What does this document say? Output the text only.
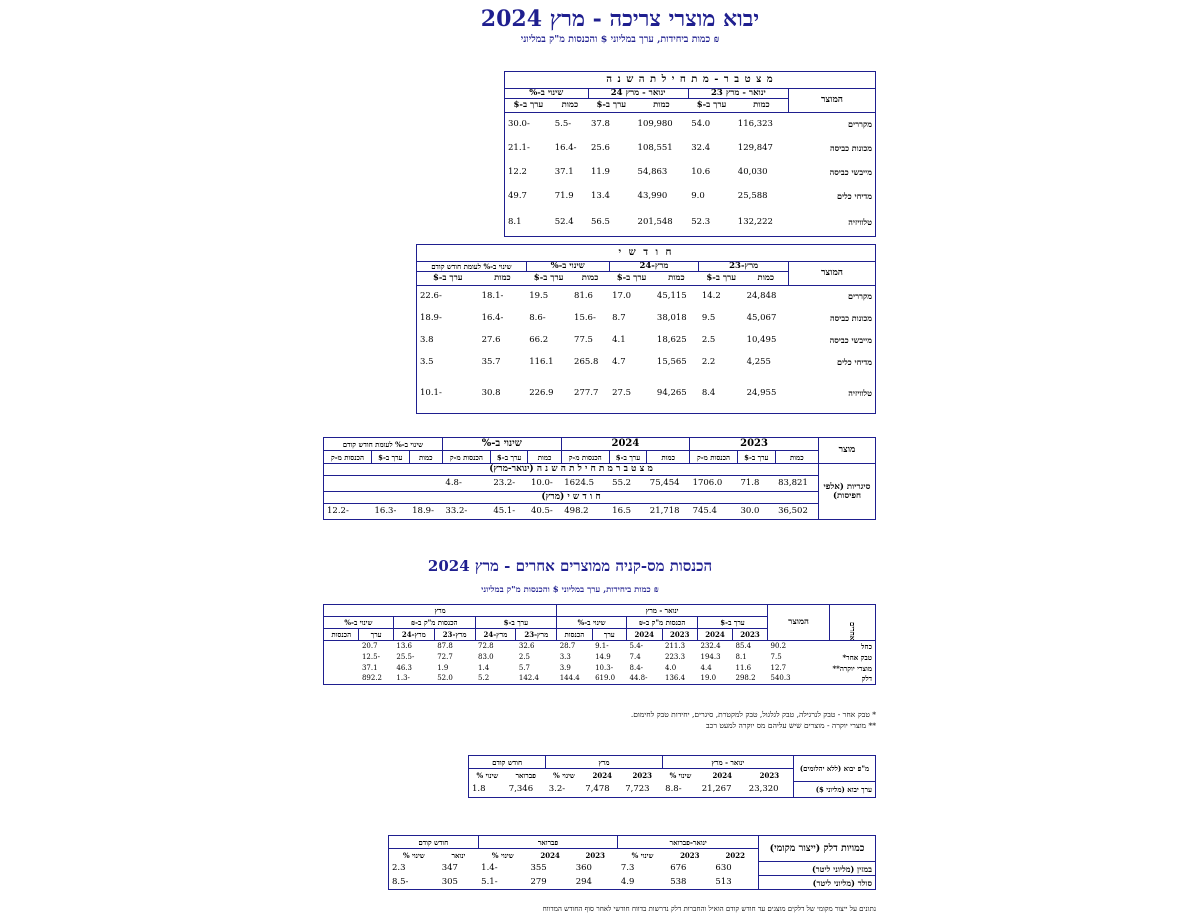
יבוא מוצרי צריכה - מרץ 2024
כמות ביחידות, ערך במליוני $ והכנסות מ"ק במליוני ₪
מ צ ט ב ר - מ ת ח י ל ת ה ש נ ה						
המוצר	ינואר - מרץ 23		ינואר - מרץ 24		שינוי ב-%	
	כמות	ערך ב-$	כמות	ערך ב-$	כמות	ערך ב-$
מקררים	116,323	54.0	109,980	37.8	-5.5	-30.0
מכונות כביסה	129,847	32.4	108,551	25.6	-16.4	-21.1
מייבשי כביסה	40,030	10.6	54,863	11.9	37.1	12.2
מדיחי כלים	25,588	9.0	43,990	13.4	71.9	49.7
טלוויזיה	132,222	52.3	201,548	56.5	52.4	8.1
ח ו ד ש י								
המוצר	מרץ-23		מרץ-24		שינוי ב-%		שינוי ב-% לעומת חודש קודם	
	כמות	ערך ב-$	כמות	ערך ב-$	כמות	ערך ב-$	כמות	ערך ב-$
מקררים	24,848	14.2	45,115	17.0	81.6	19.5	-18.1	-22.6
מכונות כביסה	45,067	9.5	38,018	8.7	-15.6	-8.6	-16.4	-18.9
מייבשי כביסה	10,495	2.5	18,625	4.1	77.5	66.2	27.6	3.8
מדיחי כלים	4,255	2.2	15,565	4.7	265.8	116.1	35.7	3.5
טלוויזיה	24,955	8.4	94,265	27.5	277.7	226.9	30.8	-10.1
מוצר	2023			2024			שינוי ב-%			שינוי ב-% לעומת חודש קודם		
	כמות	ערך ב-$	הכנסות מ-ק	כמות	ערך ב-$	הכנסות מ-ק	כמות	ערך ב-$	הכנסות מ-ק	כמות	ערך ב-$	הכנסות מ-ק
סיגריות (אלפי חפיסות)	מ צ ט ב ר מ ת ח י ל ת ה ש נ ה (ינואר-מרץ)											
	83,821	71.8	1706.0	75,454	55.2	1624.5	-10.0	-23.2	-4.8			
	ח ו ד ש י (מרץ)											
	36,502	30.0	745.4	21,718	16.5	498.2	-40.5	-45.1	-33.2	-18.9	-16.3	-12.2
הכנסות מס-קניה ממוצרים אחרים - מרץ 2024
כמות ביחידות, ערך במליוני $ והכנסות מ"ק במליוני ₪
אחרים	המוצר	ינואר - מרץ						מרץ					
		ערך ב-$		הכנסות מ"ק ב-₪		שינוי ב-%		ערך ב-$		הכנסות מ"ק ב-₪		שינוי ב-%	
		2023	2024	2023	2024	ערך	הכנסות	מרץ-23	מרץ-24	מרץ-23	מרץ-24	ערך	הכנסות
כחל	90.2	85.4	232.4	211.3	-5.4	-9.1	28.7	32.6	72.8	87.8	13.6	20.7	
טבק אחר*	7.5	8.1	194.3	223.3	7.4	14.9	3.3	2.5	83.0	72.7	-25.5	-12.5	
מוצרי יוקרה**	12.7	11.6	4.4	4.0	-8.4	-10.3	3.9	5.7	1.4	1.9	46.3	37.1	
דלק	540.3	298.2	19.0	136.4	-44.8	619.0	144.4	142.4	5.2	52.0	-1.3	892.2	
* טבק אחר - טבק לנרגילה, טבק לגלגול, טבק למקטרת, סיגרים, יחידות טבק לחימום.
** מוצרי יוקרה - מוצרים שיש עליהם מס יוקרה למעט רכב
מ"פ יבוא (ללא יהלומים)	ינואר - מרץ			מרץ			חודש קודם	
	2023	2024	שינוי %	2023	2024	שינוי %	פברואר	שינוי %
ערך יבוא (מליוני $)	23,320	21,267	-8.8	7,723	7,478	-3.2	7,346	1.8
כמויות דלק (ייצור מקומי)	ינואר-פברואר			פברואר			חודש קודם	
	2022	2023	שינוי %	2023	2024	שינוי %	ינואר	שינוי %
במזין (מליוני ליטר)	630	676	7.3	360	355	-1.4	347	2.3
סולר (מליוני ליטר)	513	538	4.9	294	279	-5.1	305	-8.5
נתונים על ייצור מקומי של דלקים מוצגים עד חודש קודם הואיל והחברות דלק נדרשות בדווח חודשי לאחר סוף החודש המדווח
